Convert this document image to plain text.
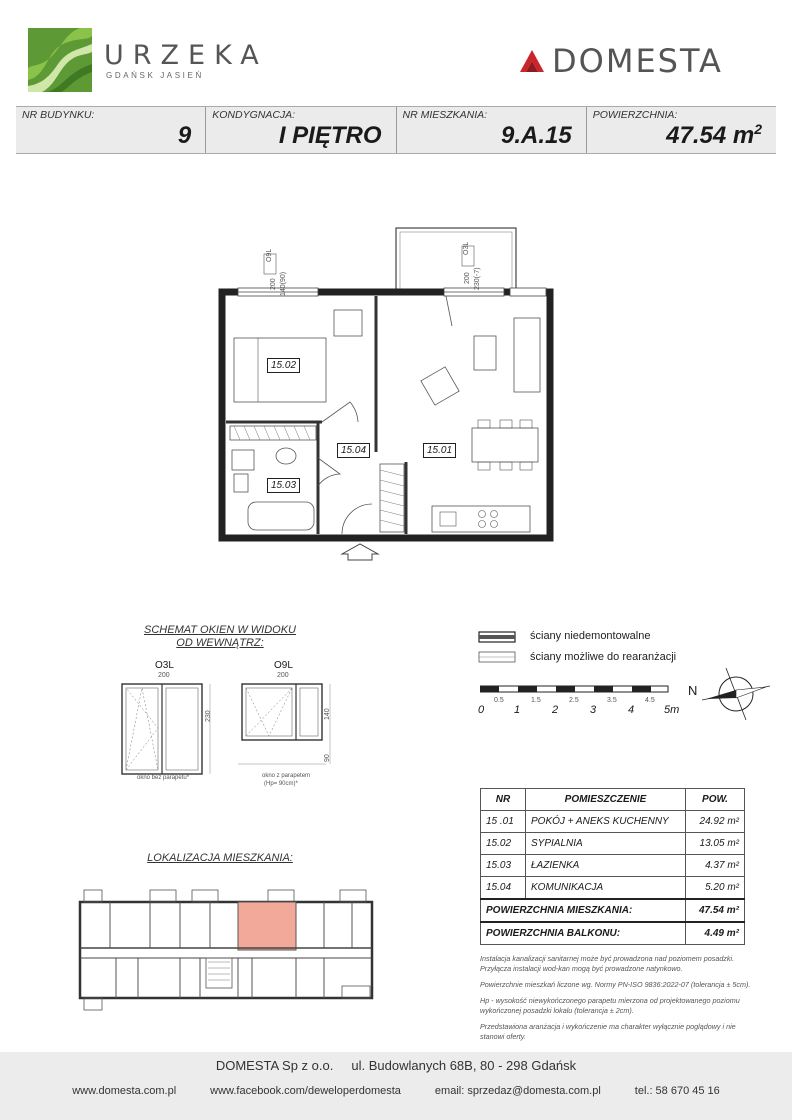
URZEKA
GDAŃSK JASIEŃ	DOMESTA
NR BUDYNKU:
9
KONDYGNACJA:
I PIĘTRO
NR MIESZKANIA:
9.A.15
POWIERZCHNIA:
47.54 $m^2$
O9L
O3L
200 140(90)	200 230(-7)
15.02
15.04	15.01
15.03
SCHEMAT OKIEN W WIDOKU
OD WEWNĄTRZ:
O3L
200
230
okno bez parapetu*
O9L
200
140
90
okno z parapetem
(Hp= 90cm)*
ściany niedemontowalne
ściany możliwe do rearanżacji
0.5	1.5	2.5	3.5	4.5
0	1	2	3	4	5m
N
LOKALIZACJA MIESZKANIA:
NR	POMIESZCZENIE	POW.
15 .01	POKÓJ + ANEKS KUCHENNY	24.92 m²
15.02	SYPIALNIA	13.05 m²
15.03	ŁAZIENKA	4.37 m²
15.04	KOMUNIKACJA	5.20 m²
POWIERZCHNIA MIESZKANIA:		47.54 m²
POWIERZCHNIA BALKONU:		4.49 m²

Instalacja kanalizacji sanitarnej może być prowadzona nad poziomem posadzki. Przyłącza instalacji wod-kan mogą być prowadzone natynkowo.

Powierzchnie mieszkań liczone wg. Normy PN-ISO 9836:2022-07 (tolerancja ± 5cm).

Hp - wysokość niewykończonego parapetu mierzona od projektowanego poziomu wykończonej posadzki lokalu (tolerancja ± 2cm).

Przedstawiona aranżacja i wykończenie ma charakter wyłącznie poglądowy i nie stanowi oferty.

DOMESTA Sp z o.o.     ul. Budowlanych 68B, 80 - 298 Gdańsk
www.domesta.com.pl	www.facebook.com/deweloperdomesta	email: sprzedaz@domesta.com.pl	tel.: 58 670 45 16
